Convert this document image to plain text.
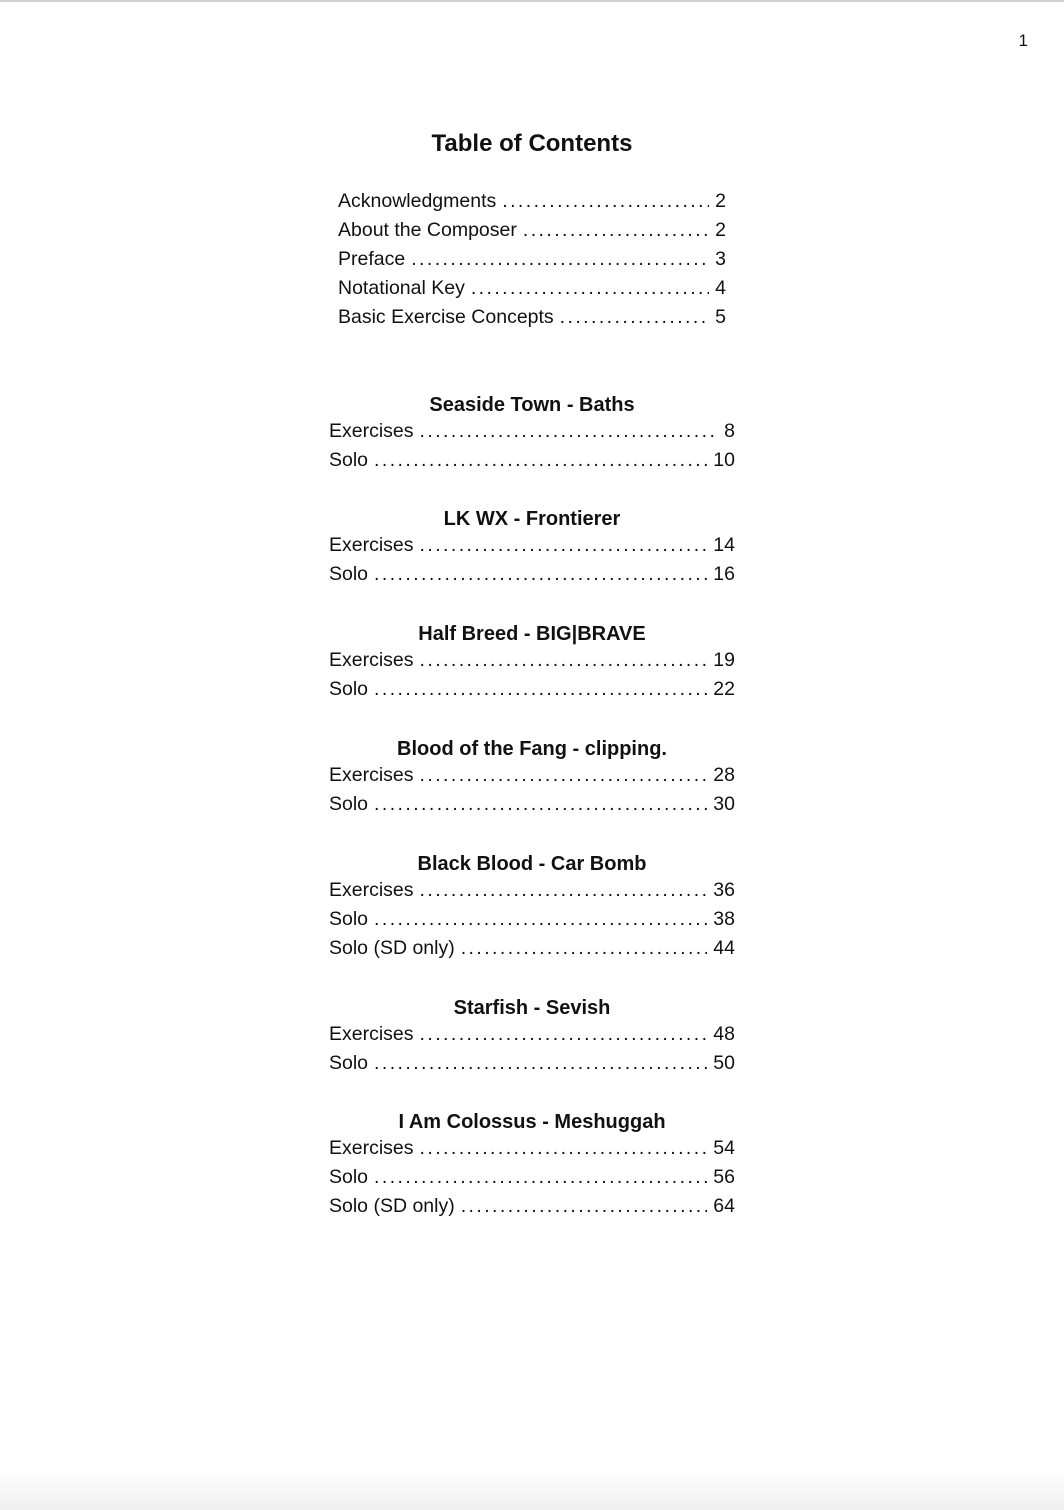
1
Table of Contents
Acknowledgments . . .	2
About the Composer . . .	2
Preface . . .	3
Notational Key . . .	4
Basic Exercise Concepts . . .	5
Seaside Town - Baths
Exercises . . .	8
Solo . . .	10
LK WX - Frontierer
Exercises . . .	14
Solo . . .	16
Half Breed - BIG|BRAVE
Exercises . . .	19
Solo . . .	22
Blood of the Fang - clipping.
Exercises . . .	28
Solo . . .	30
Black Blood - Car Bomb
Exercises . . .	36
Solo . . .	38
Solo (SD only) . . .	44
Starfish - Sevish
Exercises . . .	48
Solo . . .	50
I Am Colossus - Meshuggah
Exercises . . .	54
Solo . . .	56
Solo (SD only) . . .	64
